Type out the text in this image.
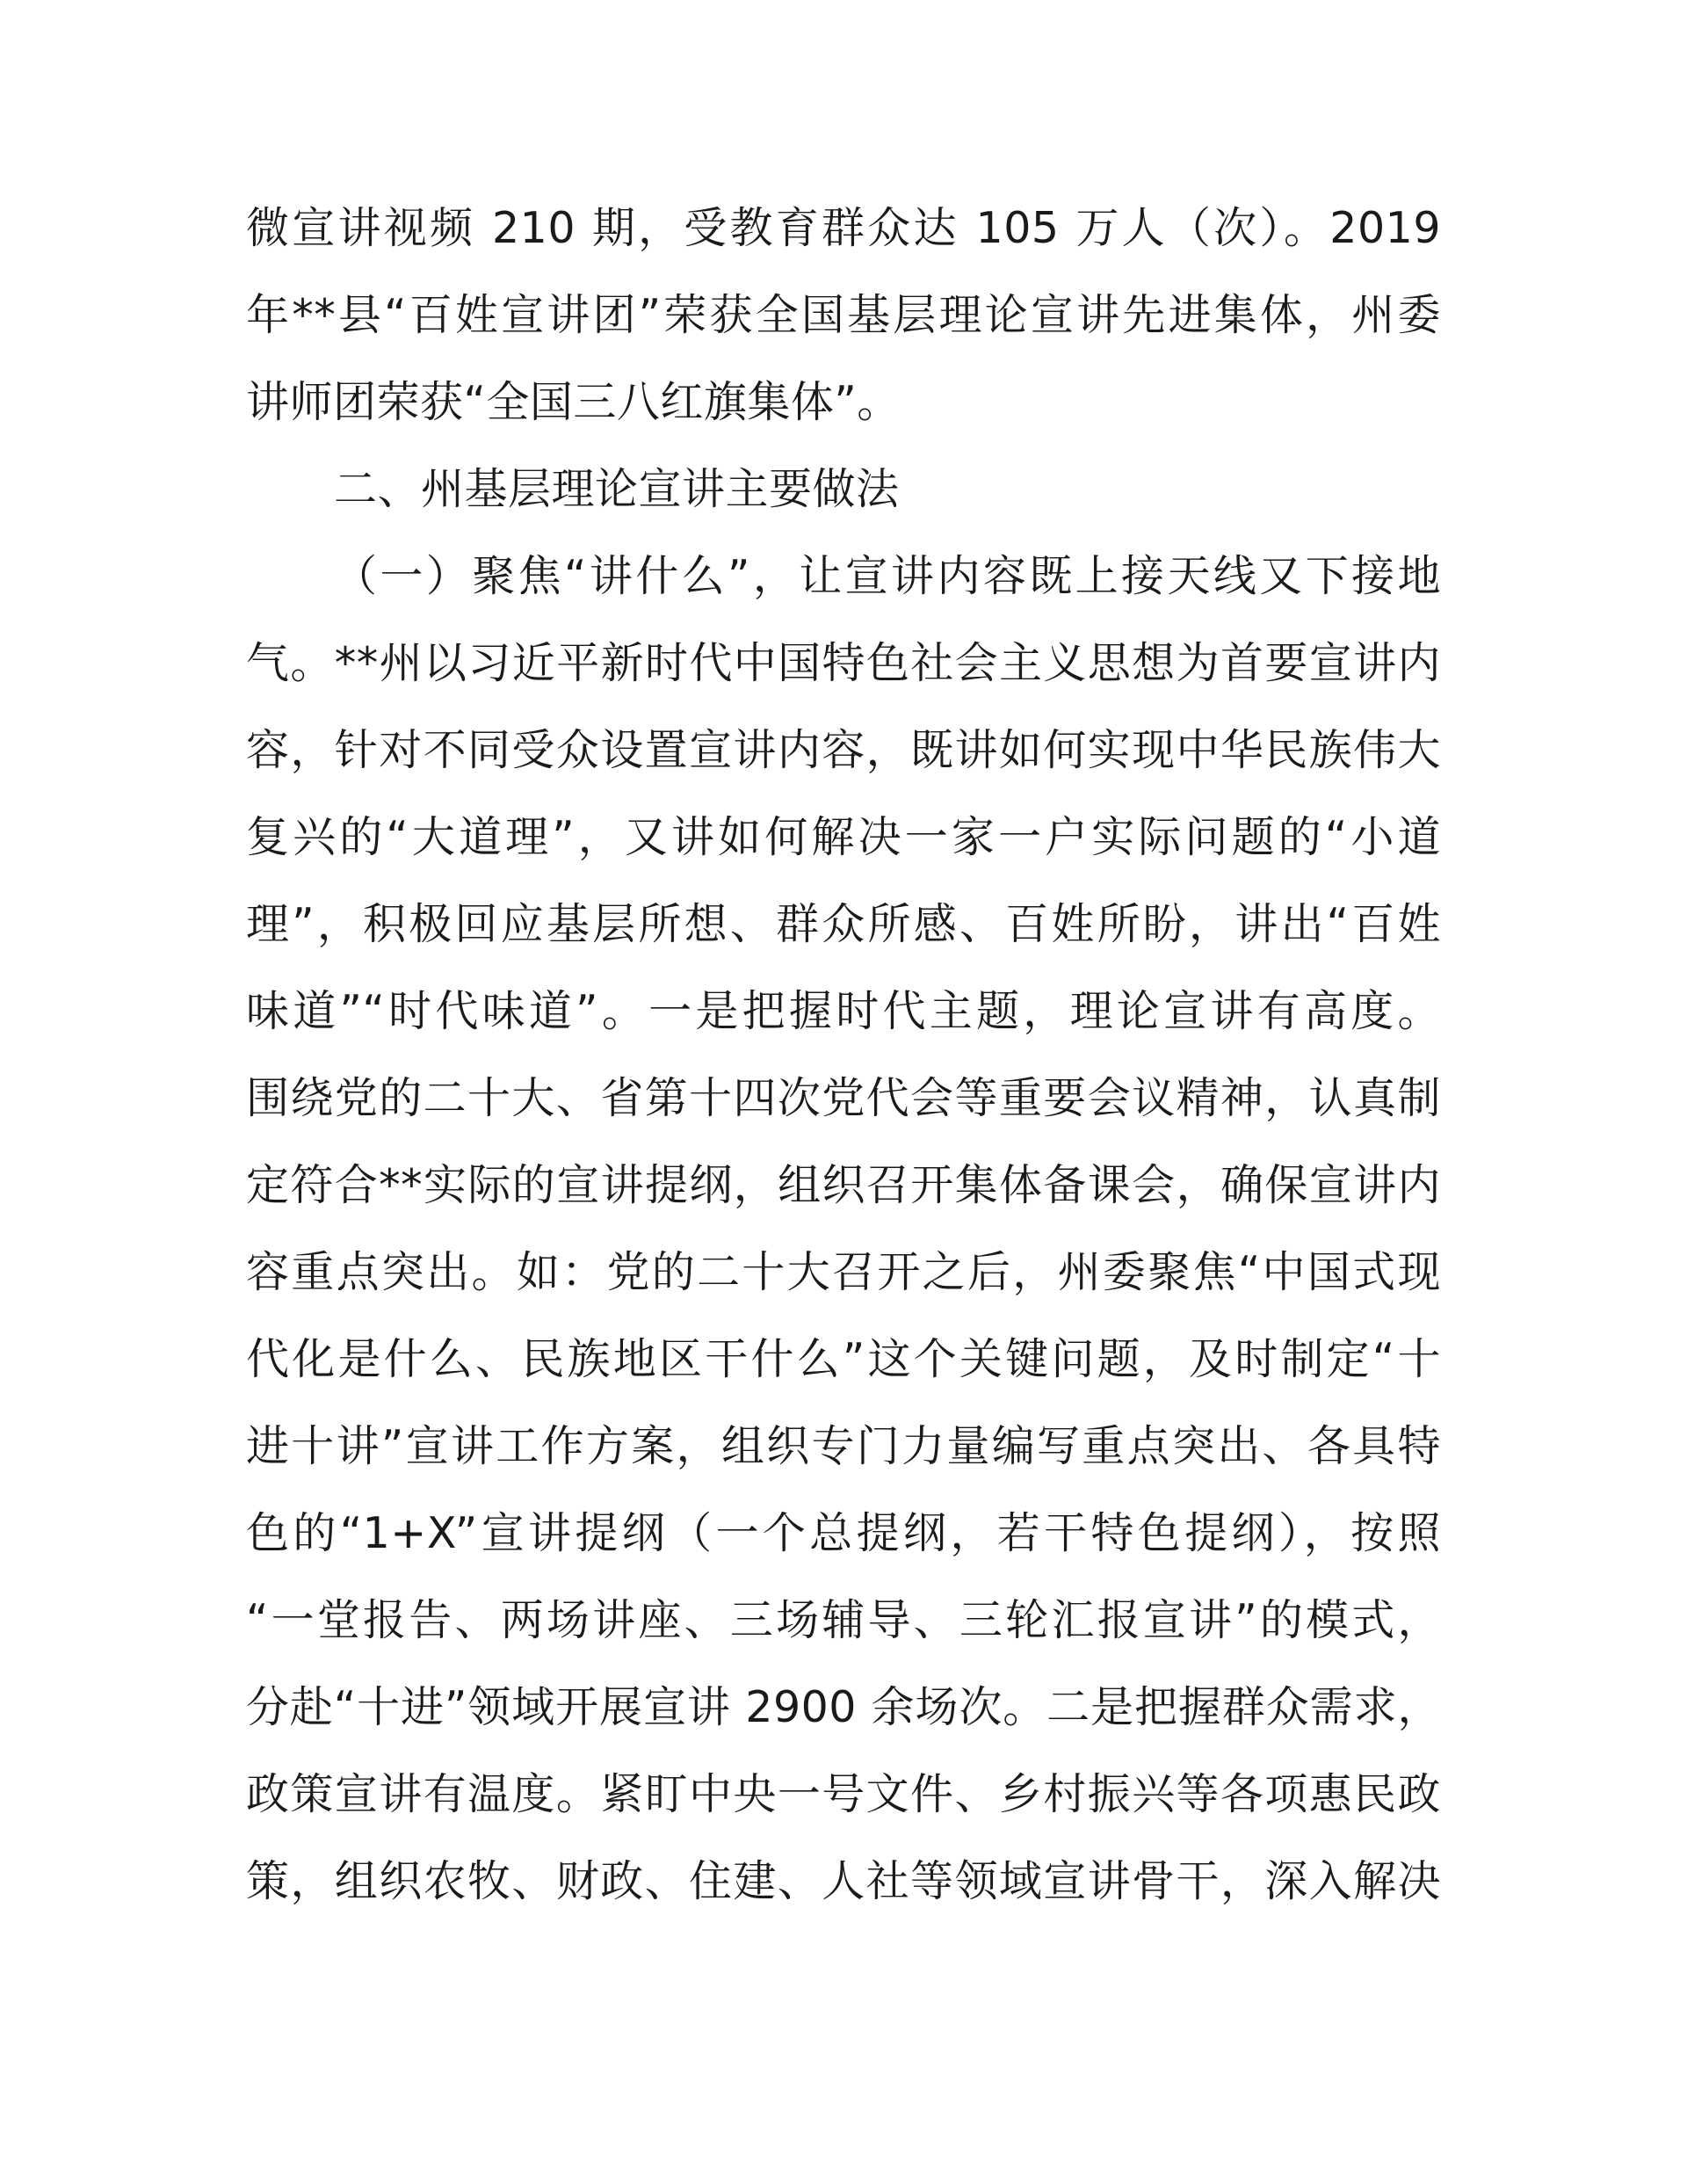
微宣讲视频 210 期，受教育群众达 105 万人（次）。2019
年**县“百姓宣讲团”荣获全国基层理论宣讲先进集体，州委
讲师团荣获“全国三八红旗集体”。
二、州基层理论宣讲主要做法
（一）聚焦“讲什么”，让宣讲内容既上接天线又下接地
气。**州以习近平新时代中国特色社会主义思想为首要宣讲内
容，针对不同受众设置宣讲内容，既讲如何实现中华民族伟大
复兴的“大道理”，又讲如何解决一家一户实际问题的“小道
理”，积极回应基层所想、群众所感、百姓所盼，讲出“百姓
味道”“时代味道”。一是把握时代主题，理论宣讲有高度。
围绕党的二十大、省第十四次党代会等重要会议精神，认真制
定符合**实际的宣讲提纲，组织召开集体备课会，确保宣讲内
容重点突出。如：党的二十大召开之后，州委聚焦“中国式现
代化是什么、民族地区干什么”这个关键问题，及时制定“十
进十讲”宣讲工作方案，组织专门力量编写重点突出、各具特
色的“1+X”宣讲提纲（一个总提纲，若干特色提纲），按照
“一堂报告、两场讲座、三场辅导、三轮汇报宣讲”的模式，
分赴“十进”领域开展宣讲 2900 余场次。二是把握群众需求，
政策宣讲有温度。紧盯中央一号文件、乡村振兴等各项惠民政
策，组织农牧、财政、住建、人社等领域宣讲骨干，深入解决
